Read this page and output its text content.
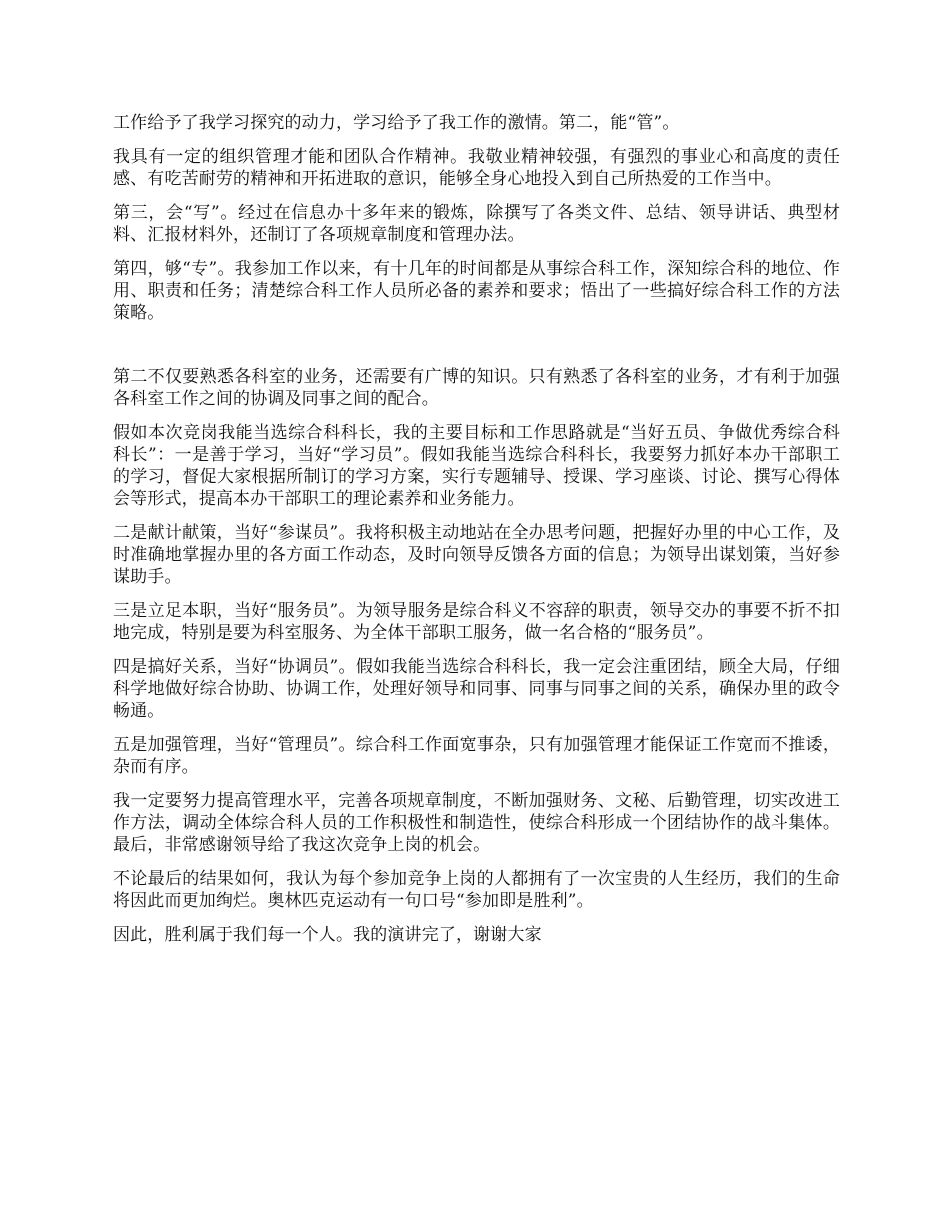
工作给予了我学习探究的动力，学习给予了我工作的激情。第二，能“管”。

我具有一定的组织管理才能和团队合作精神。我敬业精神较强，有强烈的事业心和高度的责任感、有吃苦耐劳的精神和开拓进取的意识，能够全身心地投入到自己所热爱的工作当中。

第三，会“写”。经过在信息办十多年来的锻炼，除撰写了各类文件、总结、领导讲话、典型材料、汇报材料外，还制订了各项规章制度和管理办法。

第四，够“专”。我参加工作以来，有十几年的时间都是从事综合科工作，深知综合科的地位、作用、职责和任务；清楚综合科工作人员所必备的素养和要求；悟出了一些搞好综合科工作的方法策略。

第二不仅要熟悉各科室的业务，还需要有广博的知识。只有熟悉了各科室的业务，才有利于加强各科室工作之间的协调及同事之间的配合。

假如本次竞岗我能当选综合科科长，我的主要目标和工作思路就是“当好五员、争做优秀综合科科长”：一是善于学习，当好“学习员”。假如我能当选综合科科长，我要努力抓好本办干部职工的学习，督促大家根据所制订的学习方案，实行专题辅导、授课、学习座谈、讨论、撰写心得体会等形式，提高本办干部职工的理论素养和业务能力。

二是献计献策，当好“参谋员”。我将积极主动地站在全办思考问题，把握好办里的中心工作，及时准确地掌握办里的各方面工作动态，及时向领导反馈各方面的信息；为领导出谋划策，当好参谋助手。

三是立足本职，当好“服务员”。为领导服务是综合科义不容辞的职责，领导交办的事要不折不扣地完成，特别是要为科室服务、为全体干部职工服务，做一名合格的“服务员”。

四是搞好关系，当好“协调员”。假如我能当选综合科科长，我一定会注重团结，顾全大局，仔细科学地做好综合协助、协调工作，处理好领导和同事、同事与同事之间的关系，确保办里的政令畅通。

五是加强管理，当好“管理员”。综合科工作面宽事杂，只有加强管理才能保证工作宽而不推诿，杂而有序。

我一定要努力提高管理水平，完善各项规章制度，不断加强财务、文秘、后勤管理，切实改进工作方法，调动全体综合科人员的工作积极性和制造性，使综合科形成一个团结协作的战斗集体。最后，非常感谢领导给了我这次竞争上岗的机会。

不论最后的结果如何，我认为每个参加竞争上岗的人都拥有了一次宝贵的人生经历，我们的生命将因此而更加绚烂。奥林匹克运动有一句口号“参加即是胜利”。

因此，胜利属于我们每一个人。我的演讲完了，谢谢大家
